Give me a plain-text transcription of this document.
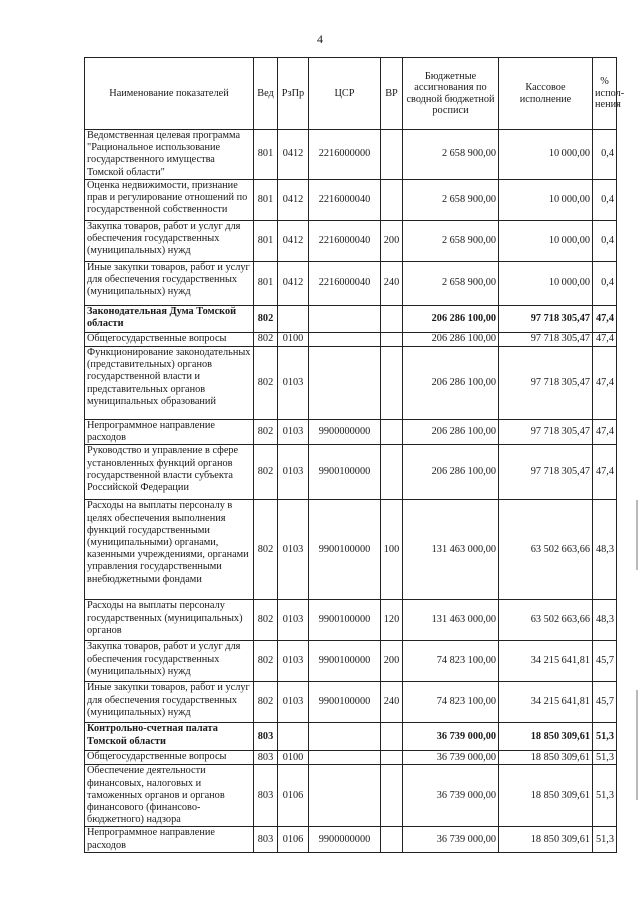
4
Наименование показателей	Вед	РзПр	ЦСР	ВР	Бюджетные ассигнования по сводной бюджетной росписи	Кассовое исполнение	% испол-нения
Ведомственная целевая программа "Рациональное использование государственного имущества Томской области"	801	0412	2216000000		2 658 900,00	10 000,00	0,4
Оценка недвижимости, признание прав и регулирование отношений по государственной собственности	801	0412	2216000040		2 658 900,00	10 000,00	0,4
Закупка товаров, работ и услуг для обеспечения государственных (муниципальных) нужд	801	0412	2216000040	200	2 658 900,00	10 000,00	0,4
Иные закупки товаров, работ и услуг для обеспечения государственных (муниципальных) нужд	801	0412	2216000040	240	2 658 900,00	10 000,00	0,4
Законодательная Дума Томской области	802				206 286 100,00	97 718 305,47	47,4
Общегосударственные вопросы	802	0100			206 286 100,00	97 718 305,47	47,4
Функционирование законодательных (представительных) органов государственной власти и представительных органов муниципальных образований	802	0103			206 286 100,00	97 718 305,47	47,4
Непрограммное направление расходов	802	0103	9900000000		206 286 100,00	97 718 305,47	47,4
Руководство и управление в сфере установленных функций органов государственной власти субъекта Российской Федерации	802	0103	9900100000		206 286 100,00	97 718 305,47	47,4
Расходы на выплаты персоналу в целях обеспечения выполнения функций государственными (муниципальными) органами, казенными учреждениями, органами управления государственными внебюджетными фондами	802	0103	9900100000	100	131 463 000,00	63 502 663,66	48,3
Расходы на выплаты персоналу государственных (муниципальных) органов	802	0103	9900100000	120	131 463 000,00	63 502 663,66	48,3
Закупка товаров, работ и услуг для обеспечения государственных (муниципальных) нужд	802	0103	9900100000	200	74 823 100,00	34 215 641,81	45,7
Иные закупки товаров, работ и услуг для обеспечения государственных (муниципальных) нужд	802	0103	9900100000	240	74 823 100,00	34 215 641,81	45,7
Контрольно-счетная палата Томской области	803				36 739 000,00	18 850 309,61	51,3
Общегосударственные вопросы	803	0100			36 739 000,00	18 850 309,61	51,3
Обеспечение деятельности финансовых, налоговых и таможенных органов и органов финансового (финансово-бюджетного) надзора	803	0106			36 739 000,00	18 850 309,61	51,3
Непрограммное направление расходов	803	0106	9900000000		36 739 000,00	18 850 309,61	51,3
